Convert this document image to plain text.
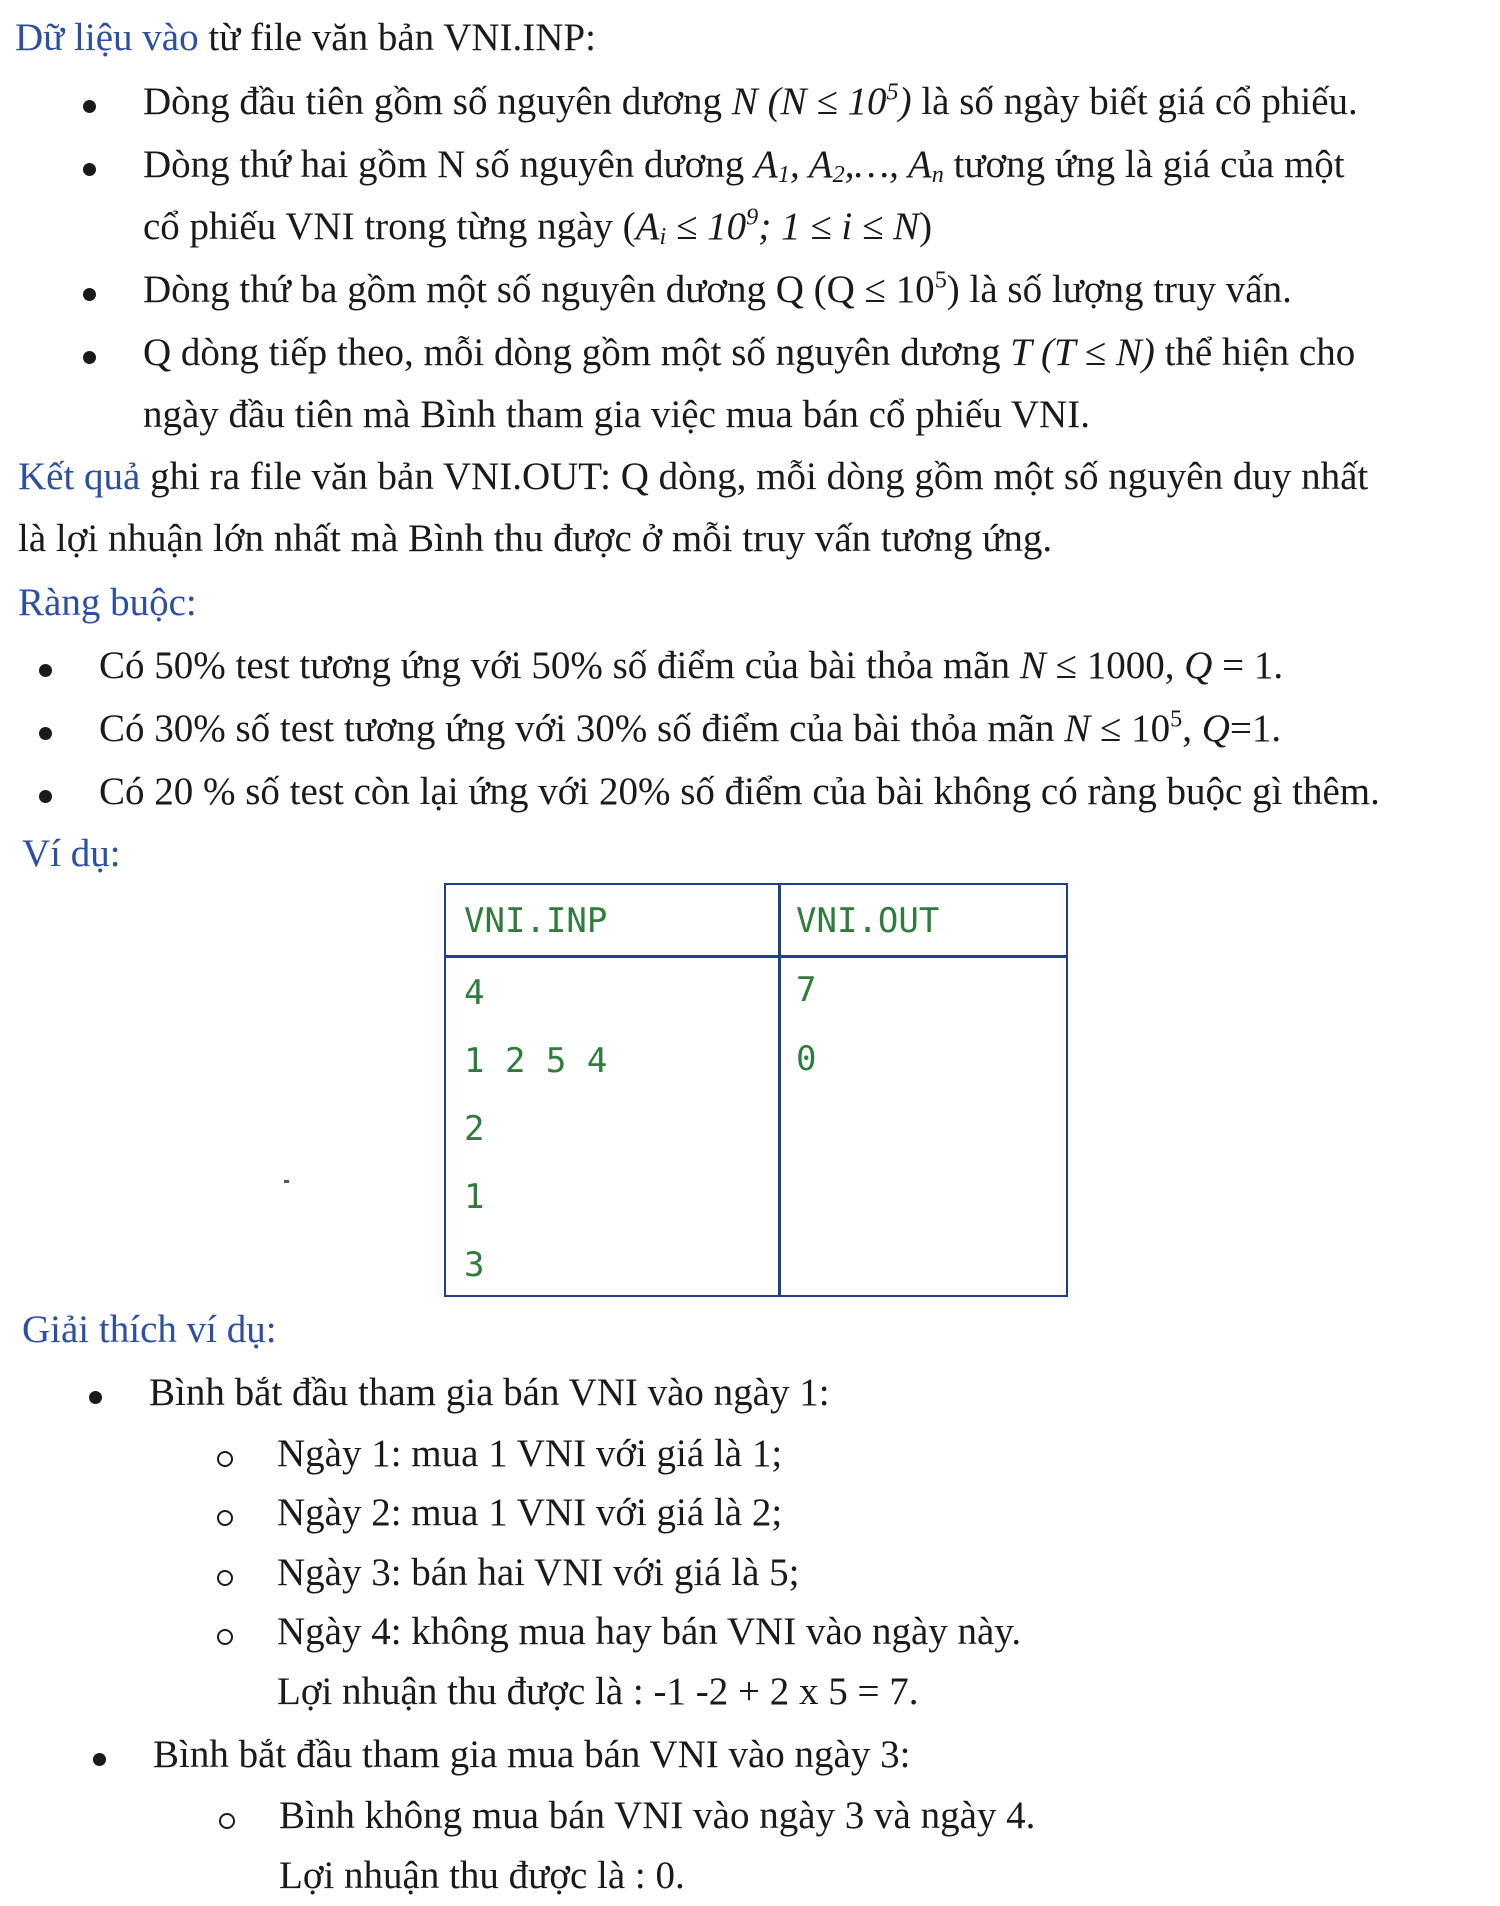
Dữ liệu vào từ file văn bản VNI.INP:
Dòng đầu tiên gồm số nguyên dương N $(N \le 10^5)$ là số ngày biết giá cổ phiếu.
Dòng thứ hai gồm N số nguyên dương $A_1$, $A_2,\dots$, $A_n$ tương ứng là giá của một
cổ phiếu VNI trong từng ngày ($A_i \le 10^9$; 1 ≤ i ≤ N)
Dòng thứ ba gồm một số nguyên dương Q $(Q \le 10^5)$ là số lượng truy vấn.
Q dòng tiếp theo, mỗi dòng gồm một số nguyên dương T (T ≤ N) thể hiện cho
ngày đầu tiên mà Bình tham gia việc mua bán cổ phiếu VNI.
Kết quả ghi ra file văn bản VNI.OUT: Q dòng, mỗi dòng gồm một số nguyên duy nhất
là lợi nhuận lớn nhất mà Bình thu được ở mỗi truy vấn tương ứng.
Ràng buộc:
Có 50% test tương ứng với 50% số điểm của bài thỏa mãn N ≤ 1000, Q = 1.
Có 30% số test tương ứng với 30% số điểm của bài thỏa mãn $N \le 10^5$, Q=1.
Có 20 % số test còn lại ứng với 20% số điểm của bài không có ràng buộc gì thêm.
Ví dụ:
VNI.INP	VNI.OUT
4
1 2 5 4
2
1
3
7
0
Giải thích ví dụ:
Bình bắt đầu tham gia bán VNI vào ngày 1:
Ngày 1: mua 1 VNI với giá là 1;
Ngày 2: mua 1 VNI với giá là 2;
Ngày 3: bán hai VNI với giá là 5;
Ngày 4: không mua hay bán VNI vào ngày này.
Lợi nhuận thu được là : -1 -2 + 2 x 5 = 7.
Bình bắt đầu tham gia mua bán VNI vào ngày 3:
Bình không mua bán VNI vào ngày 3 và ngày 4.
Lợi nhuận thu được là : 0.
